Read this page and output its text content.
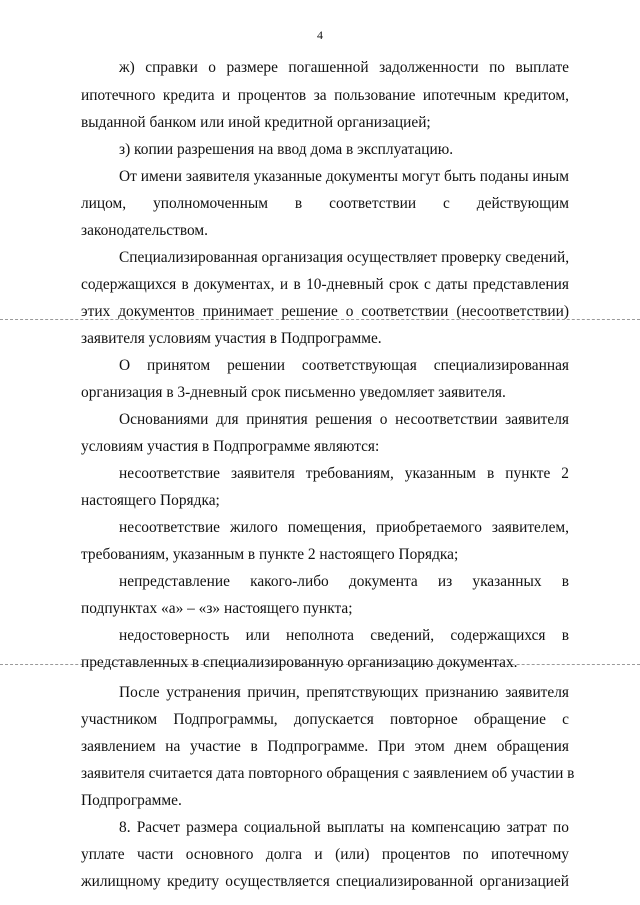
4
ж) справки о размере погашенной задолженности по выплате
ипотечного кредита и процентов за пользование ипотечным кредитом,
выданной банком или иной кредитной организацией;
з) копии разрешения на ввод дома в эксплуатацию.
От имени заявителя указанные документы могут быть поданы иным
лицом, уполномоченным в соответствии с действующим
законодательством.
Специализированная организация осуществляет проверку сведений,
содержащихся в документах, и в 10-дневный срок с даты представления
этих документов принимает решение о соответствии (несоответствии)
заявителя условиям участия в Подпрограмме.
О принятом решении соответствующая специализированная
организация в 3-дневный срок письменно уведомляет заявителя.
Основаниями для принятия решения о несоответствии заявителя
условиям участия в Подпрограмме являются:
несоответствие заявителя требованиям, указанным в пункте 2
настоящего Порядка;
несоответствие жилого помещения, приобретаемого заявителем,
требованиям, указанным в пункте 2 настоящего Порядка;
непредставление какого-либо документа из указанных в
подпунктах «а» – «з» настоящего пункта;
недостоверность или неполнота сведений, содержащихся в
представленных в специализированную организацию документах.
После устранения причин, препятствующих признанию заявителя
участником Подпрограммы, допускается повторное обращение с
заявлением на участие в Подпрограмме. При этом днем обращения
заявителя считается дата повторного обращения с заявлением об участии в
Подпрограмме.
8. Расчет размера социальной выплаты на компенсацию затрат по
уплате части основного долга и (или) процентов по ипотечному
жилищному кредиту осуществляется специализированной организацией
